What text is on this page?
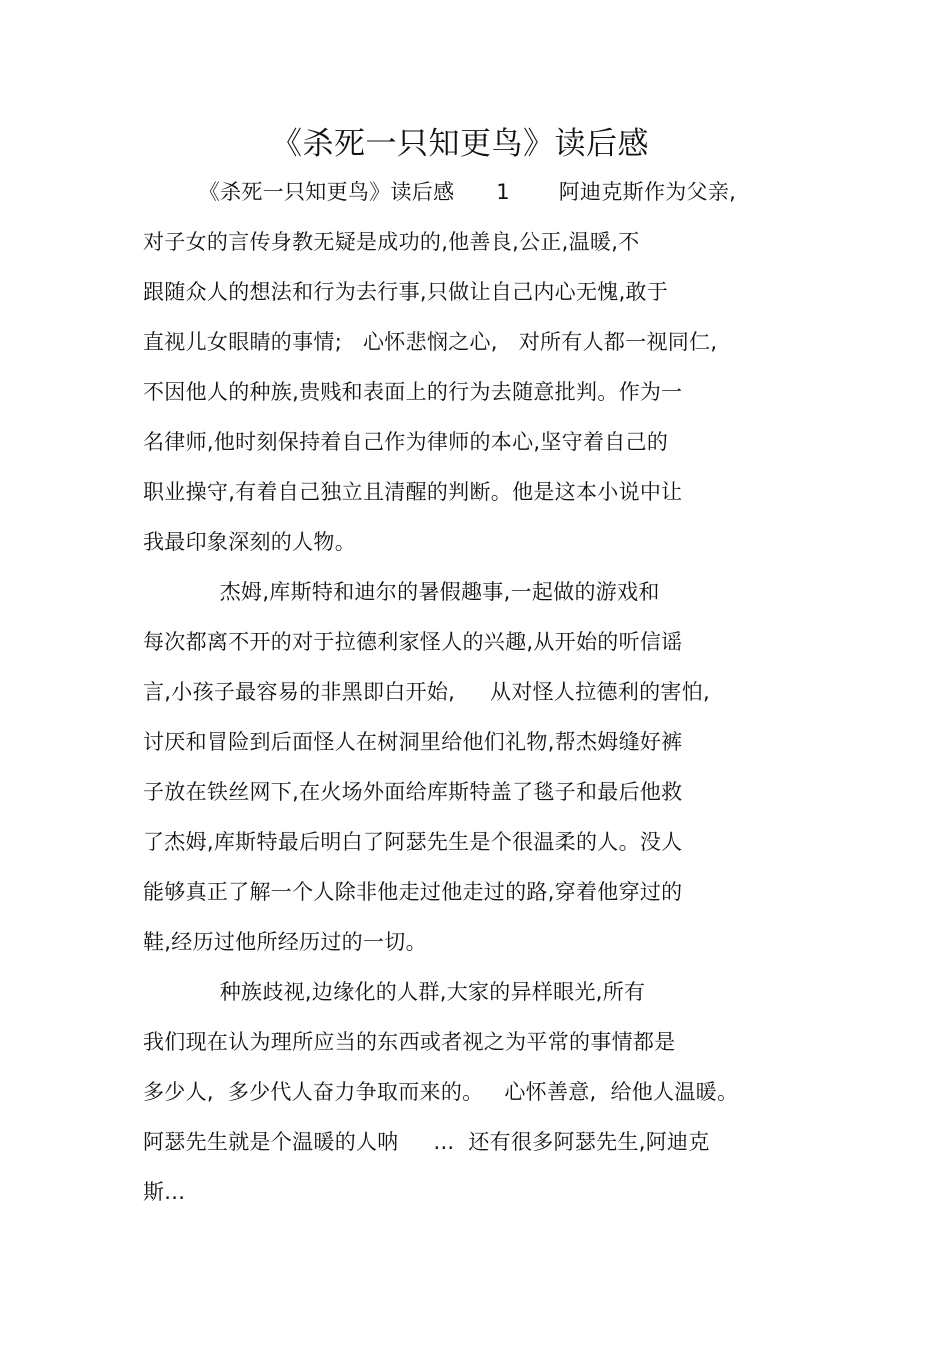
《杀死一只知更鸟》读后感
《杀死一只知更鸟》读后感      1       阿迪克斯作为父亲,
对子女的言传身教无疑是成功的,他善良,公正,温暖,不
跟随众人的想法和行为去行事,只做让自己内心无愧,敢于
直视儿女眼睛的事情;   心怀悲悯之心,   对所有人都一视同仁,
不因他人的种族,贵贱和表面上的行为去随意批判。作为一
名律师,他时刻保持着自己作为律师的本心,坚守着自己的
职业操守,有着自己独立且清醒的判断。他是这本小说中让
我最印象深刻的人物。
杰姆,库斯特和迪尔的暑假趣事,一起做的游戏和
每次都离不开的对于拉德利家怪人的兴趣,从开始的听信谣
言,小孩子最容易的非黑即白开始,     从对怪人拉德利的害怕,
讨厌和冒险到后面怪人在树洞里给他们礼物,帮杰姆缝好裤
子放在铁丝网下,在火场外面给库斯特盖了毯子和最后他救
了杰姆,库斯特最后明白了阿瑟先生是个很温柔的人。没人
能够真正了解一个人除非他走过他走过的路,穿着他穿过的
鞋,经历过他所经历过的一切。
种族歧视,边缘化的人群,大家的异样眼光,所有
我们现在认为理所应当的东西或者视之为平常的事情都是
多少人,  多少代人奋力争取而来的。   心怀善意,  给他人温暖。
阿瑟先生就是个温暖的人呐     ...  还有很多阿瑟先生,阿迪克
斯...
